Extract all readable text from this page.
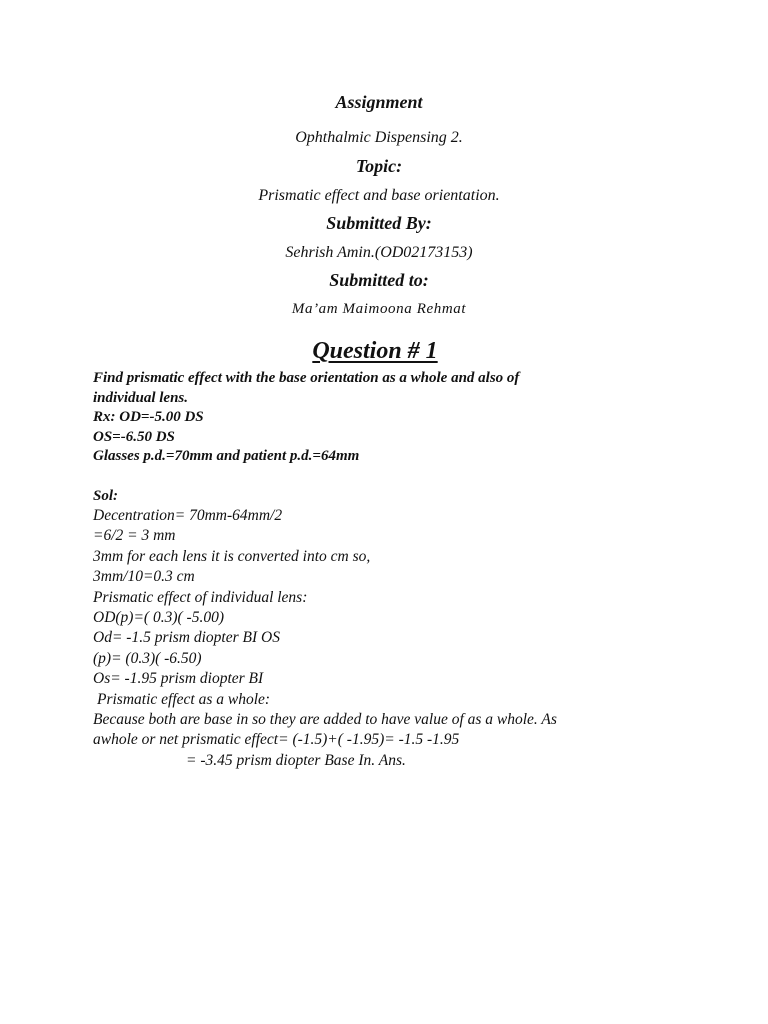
Assignment
Ophthalmic Dispensing 2.
Topic:
Prismatic effect and base orientation.
Submitted By:
Sehrish Amin.(OD02173153)
Submitted to:
Ma’am Maimoona Rehmat
Question # 1
Find prismatic effect with the base orientation as a whole and also of
individual lens.
Rx: OD=-5.00 DS
OS=-6.50 DS
Glasses p.d.=70mm and patient p.d.=64mm
Sol:
Decentration= 70mm-64mm/2
=6/2 = 3 mm
3mm for each lens it is converted into cm so,
3mm/10=0.3 cm
Prismatic effect of individual lens:
OD(p)=( 0.3)( -5.00)
Od= -1.5 prism diopter BI OS
(p)= (0.3)( -6.50)
Os= -1.95 prism diopter BI
Prismatic effect as a whole:
Because both are base in so they are added to have value of as a whole. As
awhole or net prismatic effect= (-1.5)+( -1.95)= -1.5 -1.95
= -3.45 prism diopter Base In. Ans.
